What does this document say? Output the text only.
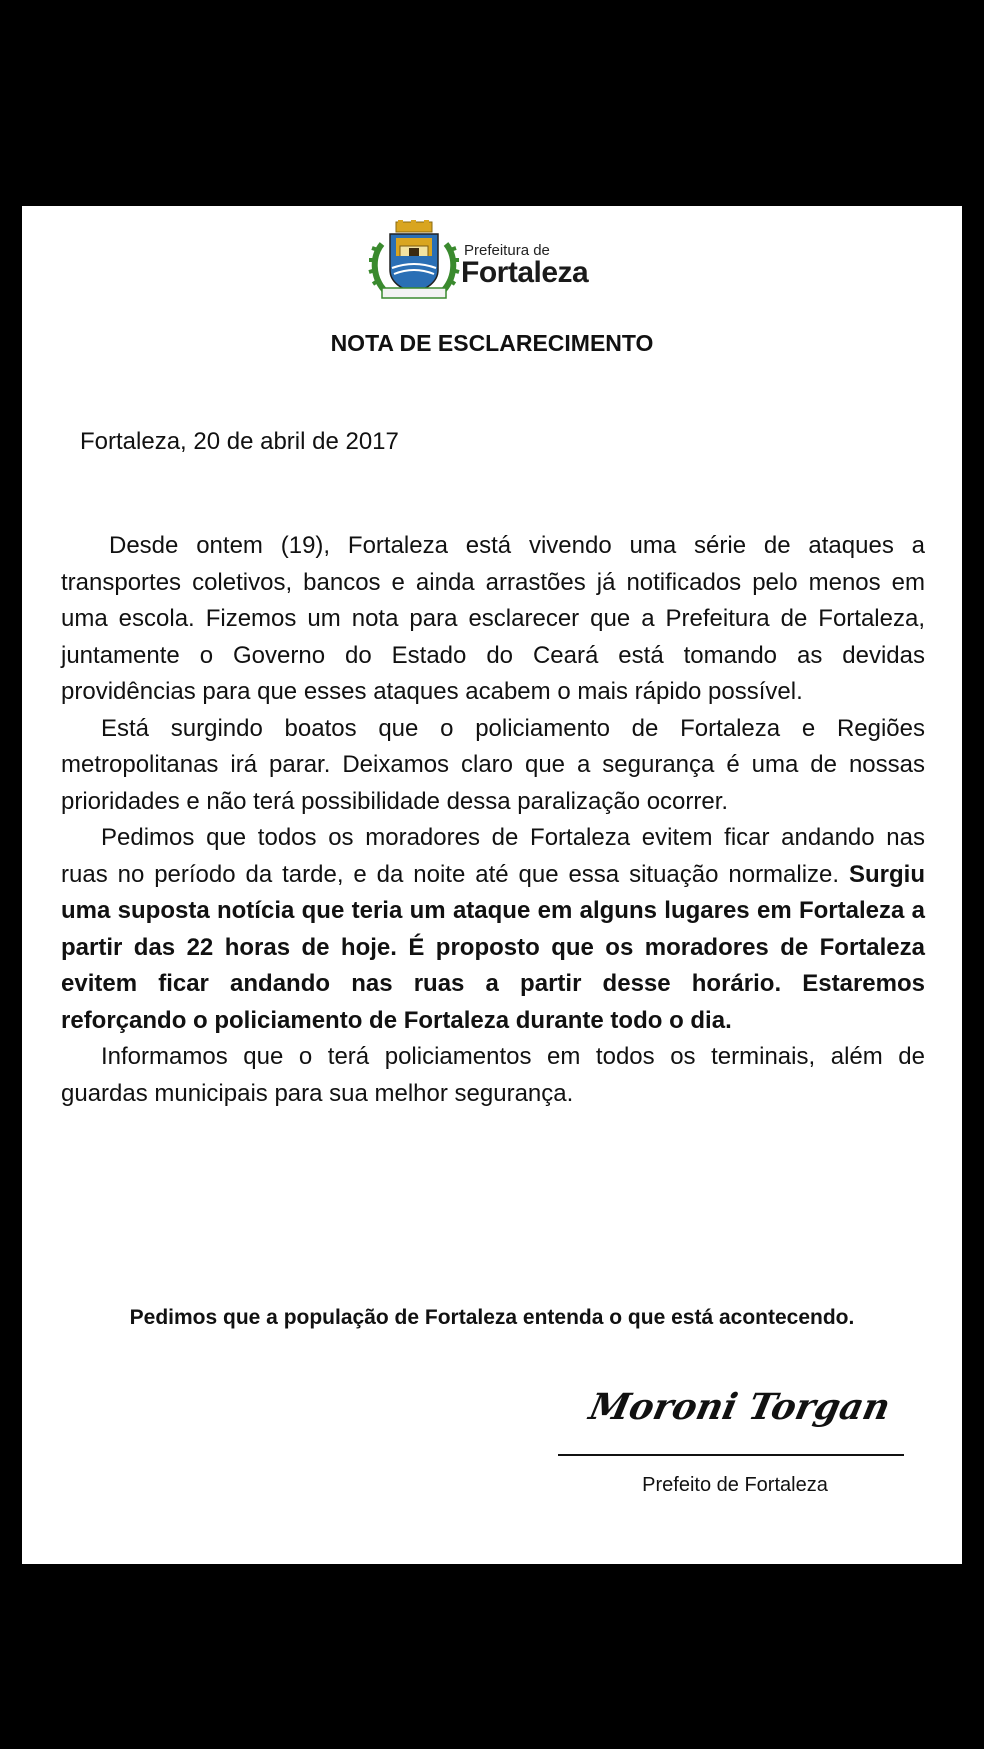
Prefeitura de
Fortaleza
NOTA DE ESCLARECIMENTO
Fortaleza, 20 de abril de 2017

Desde ontem (19), Fortaleza está vivendo uma série de ataques a transportes coletivos, bancos e ainda arrastões já notificados pelo menos em uma escola. Fizemos um nota para esclarecer que a Prefeitura de Fortaleza, juntamente o Governo do Estado do Ceará está tomando as devidas providências para que esses ataques acabem o mais rápido possível.

Está surgindo boatos que o policiamento de Fortaleza e Regiões metropolitanas irá parar. Deixamos claro que a segurança é uma de nossas prioridades e não terá possibilidade dessa paralização ocorrer.

Pedimos que todos os moradores de Fortaleza evitem ficar andando nas ruas no período da tarde, e da noite até que essa situação normalize. Surgiu uma suposta notícia que teria um ataque em alguns lugares em Fortaleza a partir das 22 horas de hoje. É proposto que os moradores de Fortaleza evitem ficar andando nas ruas a partir desse horário. Estaremos reforçando o policiamento de Fortaleza durante todo o dia.

Informamos que o terá policiamentos em todos os terminais, além de guardas municipais para sua melhor segurança.

Pedimos que a população de Fortaleza entenda o que está acontecendo.
Moroni Torgan
Prefeito de Fortaleza
